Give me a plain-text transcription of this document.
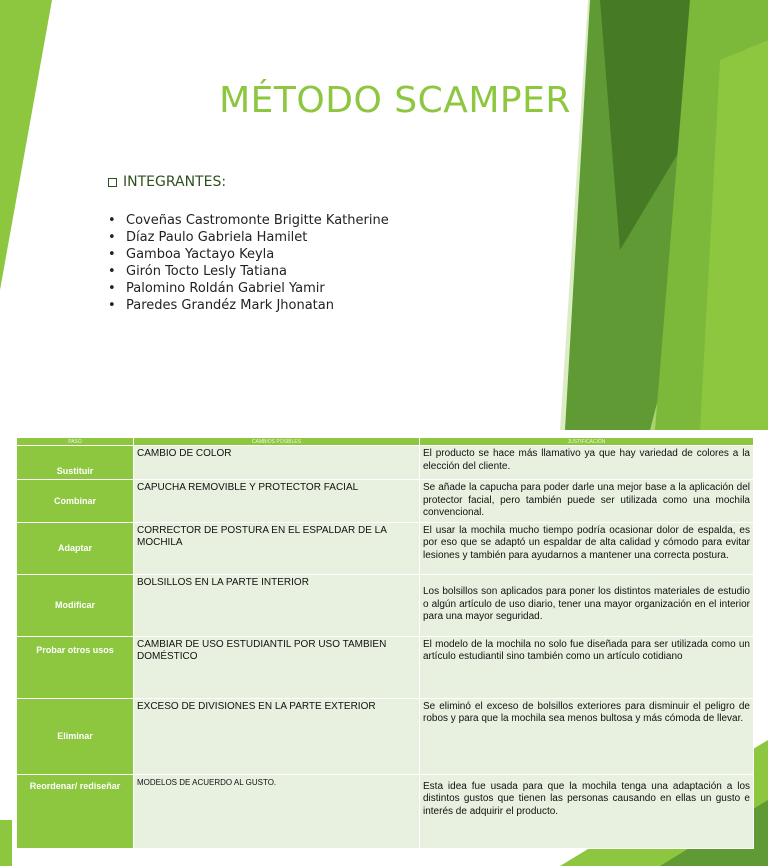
MÉTODO SCAMPER
INTEGRANTES:
• Coveñas Castromonte Brigitte Katherine
• Díaz Paulo Gabriela Hamilet
• Gamboa Yactayo Keyla
• Girón Tocto Lesly Tatiana
• Palomino Roldán Gabriel Yamir
• Paredes Grandéz Mark Jhonatan
PASO	CAMBIOS POSIBLES	JUSTIFICACIÓN
Sustituir	CAMBIO DE COLOR	El producto se hace más llamativo ya que hay variedad de colores a la elección del cliente.
Combinar	CAPUCHA REMOVIBLE Y PROTECTOR FACIAL	Se añade la capucha para poder darle una mejor base a la aplicación del protector facial, pero también puede ser utilizada como una mochila convencional.
Adaptar	CORRECTOR DE POSTURA EN EL ESPALDAR DE LA MOCHILA	El usar la mochila mucho tiempo podría ocasionar dolor de espalda, es por eso que se adaptó un espaldar de alta calidad y cómodo para evitar lesiones y también para ayudarnos a mantener una correcta postura.
Modificar	BOLSILLOS EN LA PARTE INTERIOR	Los bolsillos son aplicados para poner los distintos materiales de estudio o algún artículo de uso diario, tener una mayor organización en el interior para una mayor seguridad.
Probar otros usos	CAMBIAR DE USO ESTUDIANTIL POR USO TAMBIEN DOMÉSTICO	El modelo de la mochila no solo fue diseñada para ser utilizada como un artículo estudiantil sino también como un artículo cotidiano
Eliminar	EXCESO DE DIVISIONES EN LA PARTE EXTERIOR	Se eliminó el exceso de bolsillos exteriores para disminuir el peligro de robos y para que la mochila sea menos bultosa y más cómoda de llevar.
Reordenar/ rediseñar	MODELOS DE ACUERDO AL GUSTO.	Esta idea fue usada para que la mochila tenga una adaptación a los distintos gustos que tienen las personas causando en ellas un gusto e interés de adquirir el producto.
